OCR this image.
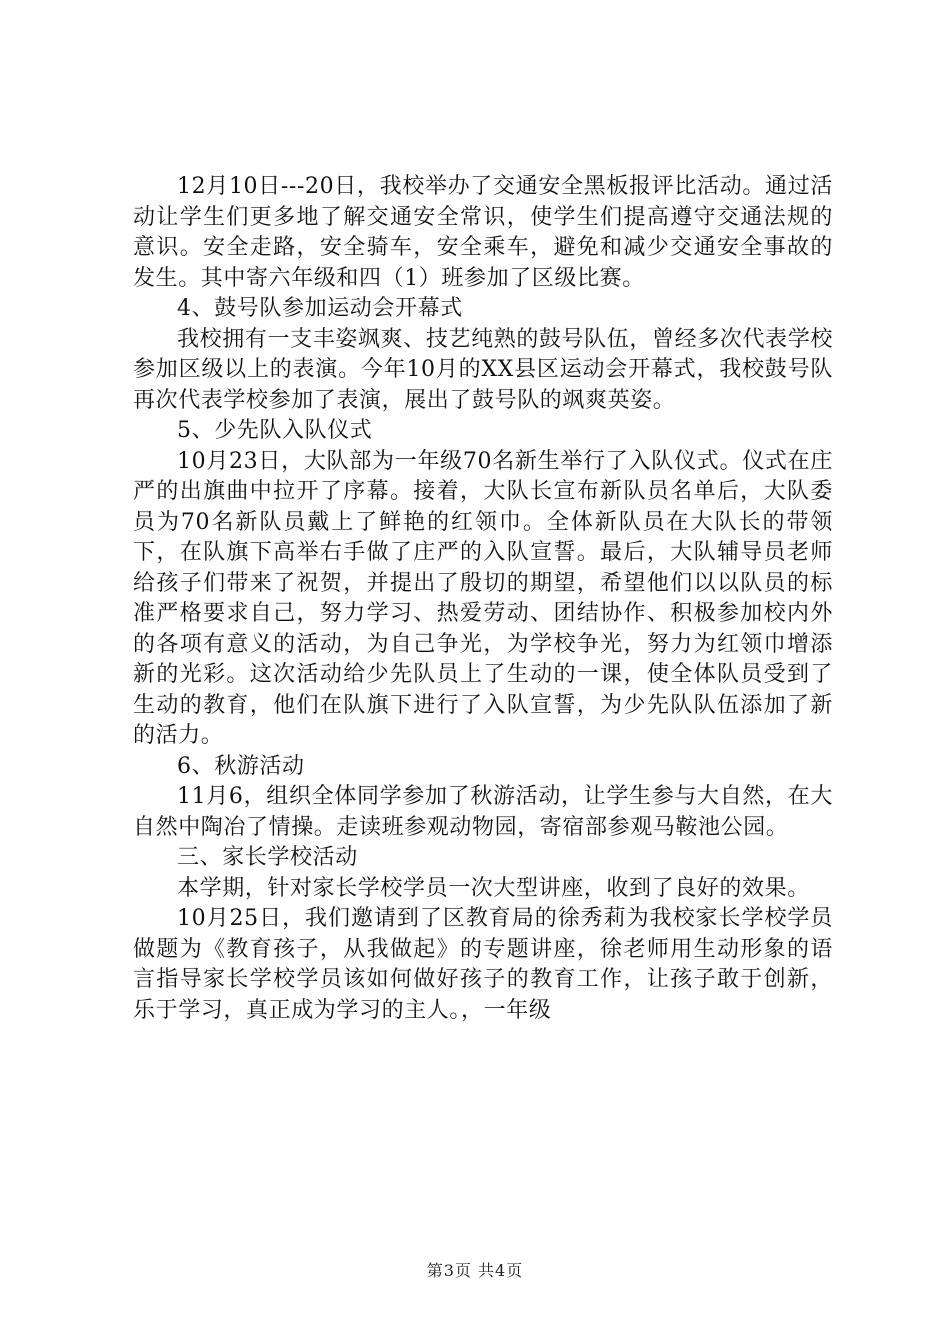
12月10日---20日，我校举办了交通安全黑板报评比活动。通过活动让学生们更多地了解交通安全常识，使学生们提高遵守交通法规的意识。安全走路，安全骑车，安全乘车，避免和减少交通安全事故的发生。其中寄六年级和四（1）班参加了区级比赛。

4、鼓号队参加运动会开幕式

我校拥有一支丰姿飒爽、技艺纯熟的鼓号队伍，曾经多次代表学校参加区级以上的表演。今年10月的XX县区运动会开幕式，我校鼓号队再次代表学校参加了表演，展出了鼓号队的飒爽英姿。

5、少先队入队仪式

10月23日，大队部为一年级70名新生举行了入队仪式。仪式在庄严的出旗曲中拉开了序幕。接着，大队长宣布新队员名单后，大队委员为70名新队员戴上了鲜艳的红领巾。全体新队员在大队长的带领下，在队旗下高举右手做了庄严的入队宣誓。最后，大队辅导员老师给孩子们带来了祝贺，并提出了殷切的期望，希望他们以以队员的标准严格要求自己，努力学习、热爱劳动、团结协作、积极参加校内外的各项有意义的活动，为自己争光，为学校争光，努力为红领巾增添新的光彩。这次活动给少先队员上了生动的一课，使全体队员受到了生动的教育，他们在队旗下进行了入队宣誓，为少先队队伍添加了新的活力。

6、秋游活动

11月6，组织全体同学参加了秋游活动，让学生参与大自然，在大自然中陶冶了情操。走读班参观动物园，寄宿部参观马鞍池公园。

三、家长学校活动

本学期，针对家长学校学员一次大型讲座，收到了良好的效果。

10月25日，我们邀请到了区教育局的徐秀莉为我校家长学校学员做题为《教育孩子，从我做起》的专题讲座，徐老师用生动形象的语言指导家长学校学员该如何做好孩子的教育工作，让孩子敢于创新，乐于学习，真正成为学习的主人。，一年级

第3页 共4页
